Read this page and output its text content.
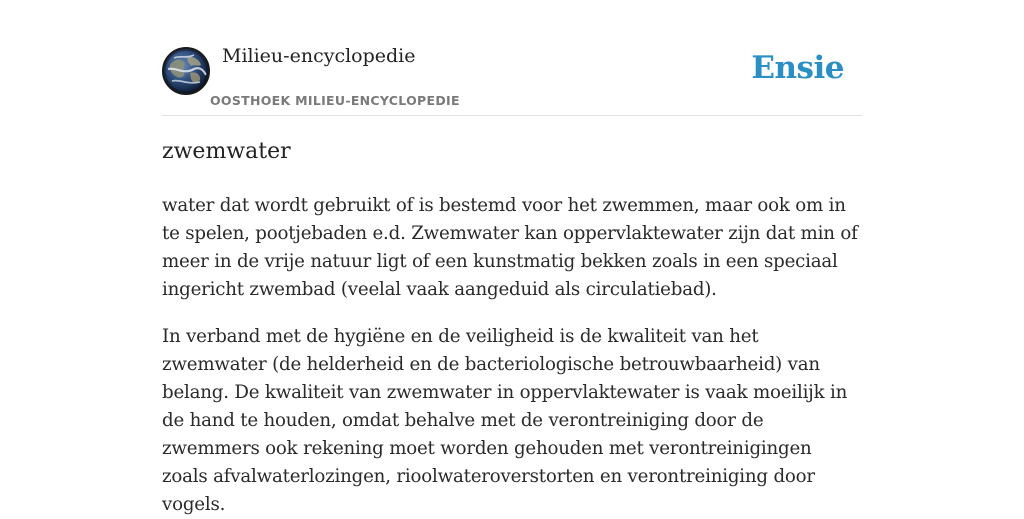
Milieu-encyclopedie
OOSTHOEK MILIEU-ENCYCLOPEDIE
Ensie
zwemwater

water dat wordt gebruikt of is bestemd voor het zwemmen, maar ook om in te spelen, pootjebaden e.d. Zwemwater kan oppervlaktewater zijn dat min of meer in de vrije natuur ligt of een kunstmatig bekken zoals in een speciaal ingericht zwembad (veelal vaak aangeduid als circulatiebad).

In verband met de hygiëne en de veiligheid is de kwaliteit van het zwemwater (de helderheid en de bacteriologische betrouwbaarheid) van belang. De kwaliteit van zwemwater in oppervlaktewater is vaak moeilijk in de hand te houden, omdat behalve met de verontreiniging door de zwemmers ook rekening moet worden gehouden met verontreinigingen zoals afvalwaterlozingen, rioolwateroverstorten en verontreiniging door vogels.
